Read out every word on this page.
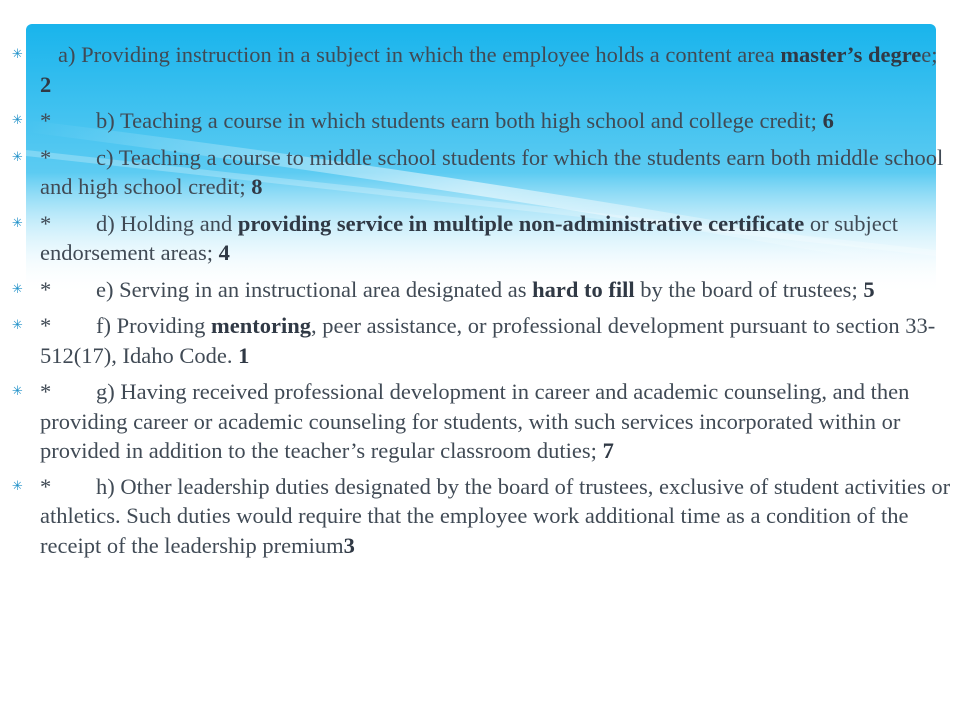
✳ a) Providing instruction in a subject in which the employee holds a content area master’s degree; 2
✳ * b) Teaching a course in which students earn both high school and college credit; 6
✳ * c) Teaching a course to middle school students for which the students earn both middle school and high school credit; 8
✳ * d) Holding and providing service in multiple non-administrative certificate or subject endorsement areas; 4
✳ * e) Serving in an instructional area designated as hard to fill by the board of trustees; 5
✳ * f) Providing mentoring, peer assistance, or professional development pursuant to section 33-512(17), Idaho Code. 1
✳ * g) Having received professional development in career and academic counseling, and then providing career or academic counseling for students, with such services incorporated within or provided in addition to the teacher’s regular classroom duties; 7
✳ * h) Other leadership duties designated by the board of trustees, exclusive of student activities or athletics. Such duties would require that the employee work additional time as a condition of the receipt of the leadership premium3
